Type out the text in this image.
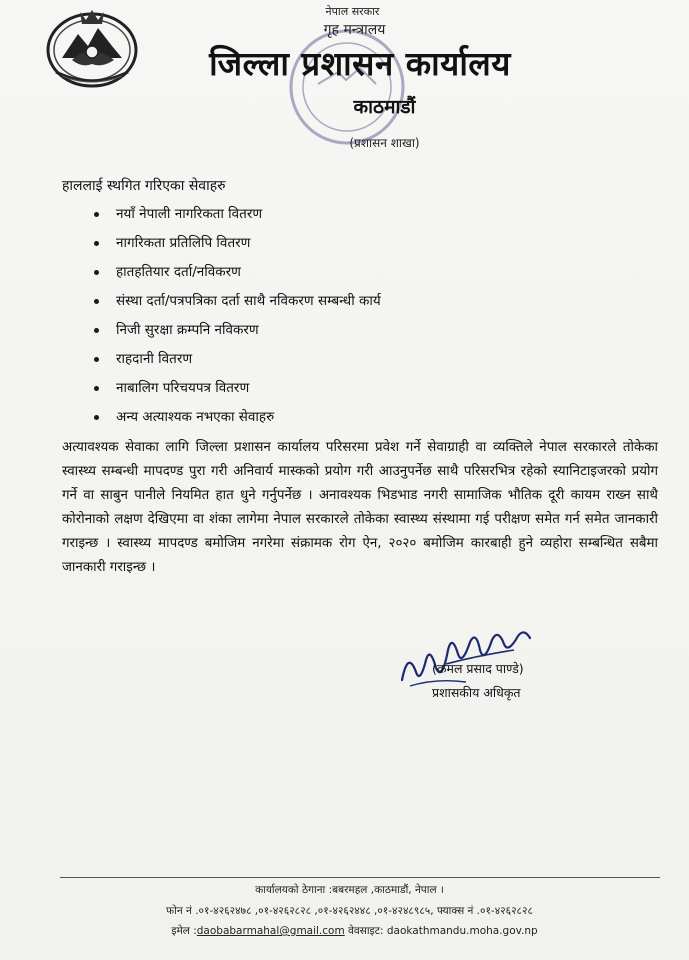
नेपाल सरकार
गृह मन्त्रालय
जिल्ला प्रशासन कार्यालय
काठमाडौं
(प्रशासन शाखा)
हाललाई स्थगित गरिएका सेवाहरु
नयाँ नेपाली नागरिकता वितरण
नागरिकता प्रतिलिपि वितरण
हातहतियार दर्ता/नविकरण
संस्था दर्ता/पत्रपत्रिका दर्ता साथै नविकरण सम्बन्धी कार्य
निजी सुरक्षा क्रम्पनि नविकरण
राहदानी वितरण
नाबालिग परिचयपत्र वितरण
अन्य अत्याश्यक नभएका सेवाहरु

अत्यावश्यक सेवाका लागि जिल्ला प्रशासन कार्यालय परिसरमा प्रवेश गर्ने सेवाग्राही वा व्यक्तिले नेपाल सरकारले तोकेका स्वास्थ्य सम्बन्धी मापदण्ड पुरा गरी अनिवार्य मास्कको प्रयोग गरी आउनुपर्नेछ साथै परिसरभित्र रहेको स्यानिटाइजरको प्रयोग गर्ने वा साबुन पानीले नियमित हात धुने गर्नुपर्नेछ । अनावश्यक भिडभाड नगरी सामाजिक भौतिक दूरी कायम राख्न साथै कोरोनाको लक्षण देखिएमा वा शंका लागेमा नेपाल सरकारले तोकेका स्वास्थ्य संस्थामा गई परीक्षण समेत गर्न समेत जानकारी गराइन्छ । स्वास्थ्य मापदण्ड बमोजिम नगरेमा संक्रामक रोग ऐन, २०२० बमोजिम कारबाही हुने व्यहोरा सम्बन्धित सबैमा जानकारी गराइन्छ ।

(कमल प्रसाद पाण्डे)
प्रशासकीय अधिकृत
कार्यालयको ठेगाना :बबरमहल ,काठमाडौं, नेपाल ।
फोन नं .०१-४२६२४७८ ,०१-४२६२८२८ ,०१-४२६२४४८ ,०१-४२४८९८५, फ्याक्स नं .०१-४२६२८२८
इमेल :daobabarmahal@gmail.com वेवसाइट: daokathmandu.moha.gov.np
